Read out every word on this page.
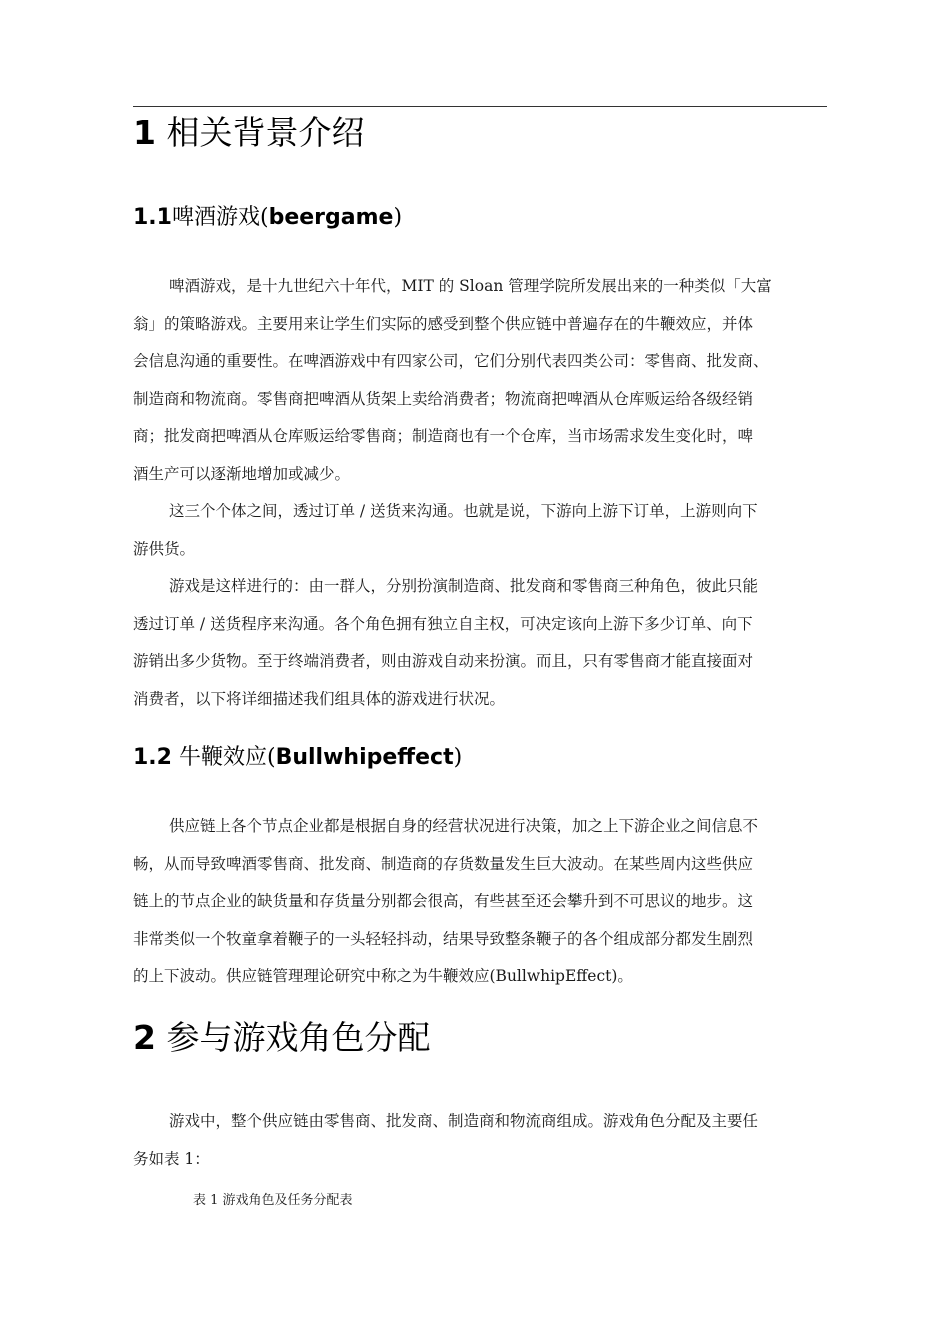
1 相关背景介绍
1.1啤酒游戏(beergame)
啤酒游戏，是十九世纪六十年代，MIT 的 Sloan 管理学院所发展出来的一种类似「大富
翁」的策略游戏。主要用来让学生们实际的感受到整个供应链中普遍存在的牛鞭效应，并体
会信息沟通的重要性。在啤酒游戏中有四家公司，它们分别代表四类公司：零售商、批发商、
制造商和物流商。零售商把啤酒从货架上卖给消费者；物流商把啤酒从仓库贩运给各级经销
商；批发商把啤酒从仓库贩运给零售商；制造商也有一个仓库，当市场需求发生变化时，啤
酒生产可以逐渐地增加或减少。
这三个个体之间，透过订单 / 送货来沟通。也就是说，下游向上游下订单，上游则向下
游供货。
游戏是这样进行的：由一群人，分别扮演制造商、批发商和零售商三种角色，彼此只能
透过订单 / 送货程序来沟通。各个角色拥有独立自主权，可决定该向上游下多少订单、向下
游销出多少货物。至于终端消费者，则由游戏自动来扮演。而且，只有零售商才能直接面对
消费者，以下将详细描述我们组具体的游戏进行状况。
1.2 牛鞭效应(Bullwhipeffect)
供应链上各个节点企业都是根据自身的经营状况进行决策，加之上下游企业之间信息不
畅，从而导致啤酒零售商、批发商、制造商的存货数量发生巨大波动。在某些周内这些供应
链上的节点企业的缺货量和存货量分别都会很高，有些甚至还会攀升到不可思议的地步。这
非常类似一个牧童拿着鞭子的一头轻轻抖动，结果导致整条鞭子的各个组成部分都发生剧烈
的上下波动。供应链管理理论研究中称之为牛鞭效应(BullwhipEffect)。
2 参与游戏角色分配
游戏中，整个供应链由零售商、批发商、制造商和物流商组成。游戏角色分配及主要任
务如表 1：
表 1 游戏角色及任务分配表
